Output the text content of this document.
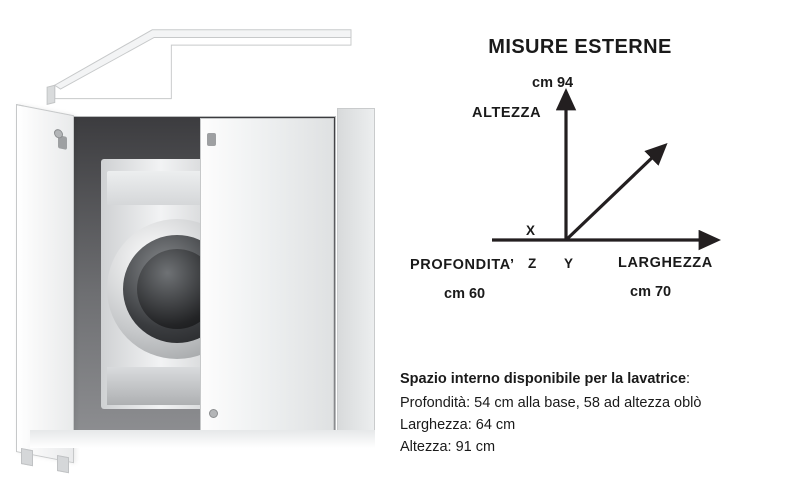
MISURE ESTERNE
cm 94
ALTEZZA
LARGHEZZA
cm 70
PROFONDITA’
cm 60
X
Y
Z
Spazio interno disponibile per la lavatrice:
Profondità: 54 cm alla base, 58 ad altezza oblò
Larghezza: 64 cm
Altezza: 91 cm
